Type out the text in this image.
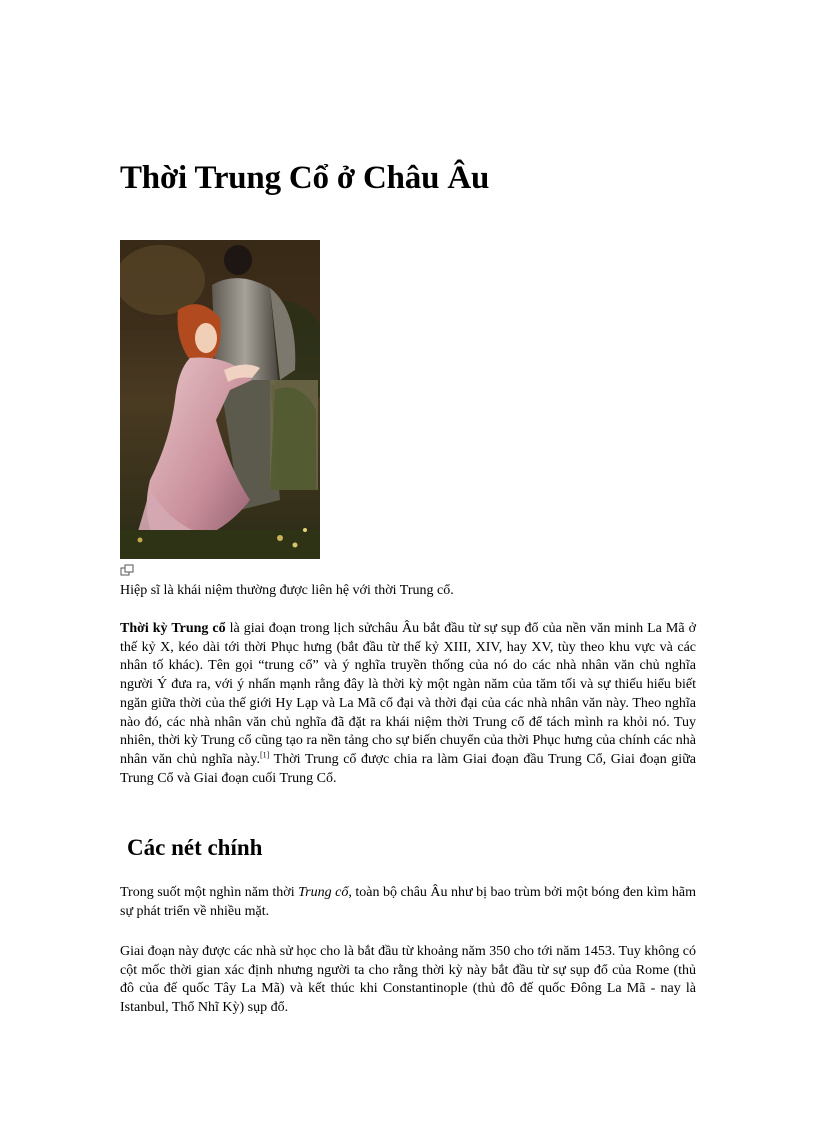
Thời Trung Cổ ở Châu Âu

Hiệp sĩ là khái niệm thường được liên hệ với thời Trung cổ.

Thời kỳ Trung cổ là giai đoạn trong lịch sửchâu Âu bắt đầu từ sự sụp đổ của nền văn minh La Mã ở thế kỷ X, kéo dài tới thời Phục hưng (bắt đầu từ thế kỷ XIII, XIV, hay XV, tùy theo khu vực và các nhân tố khác). Tên gọi “trung cổ” và ý nghĩa truyền thống của nó do các nhà nhân văn chủ nghĩa người Ý đưa ra, với ý nhấn mạnh rằng đây là thời kỳ một ngàn năm của tăm tối và sự thiếu hiểu biết ngăn giữa thời của thế giới Hy Lạp và La Mã cổ đại và thời đại của các nhà nhân văn này. Theo nghĩa nào đó, các nhà nhân văn chủ nghĩa đã đặt ra khái niệm thời Trung cổ để tách mình ra khỏi nó. Tuy nhiên, thời kỳ Trung cổ cũng tạo ra nền tảng cho sự biến chuyển của thời Phục hưng của chính các nhà nhân văn chủ nghĩa này.[1] Thời Trung cổ được chia ra làm Giai đoạn đầu Trung Cổ, Giai đoạn giữa Trung Cổ và Giai đoạn cuối Trung Cổ.

Các nét chính

Trong suốt một nghìn năm thời Trung cổ, toàn bộ châu Âu như bị bao trùm bởi một bóng đen kìm hãm sự phát triển về nhiều mặt.

Giai đoạn này được các nhà sử học cho là bắt đầu từ khoảng năm 350 cho tới năm 1453. Tuy không có cột mốc thời gian xác định nhưng người ta cho rằng thời kỳ này bắt đầu từ sự sụp đổ của Rome (thủ đô của đế quốc Tây La Mã) và kết thúc khi Constantinople (thủ đô đế quốc Đông La Mã - nay là Istanbul, Thổ Nhĩ Kỳ) sụp đổ.
